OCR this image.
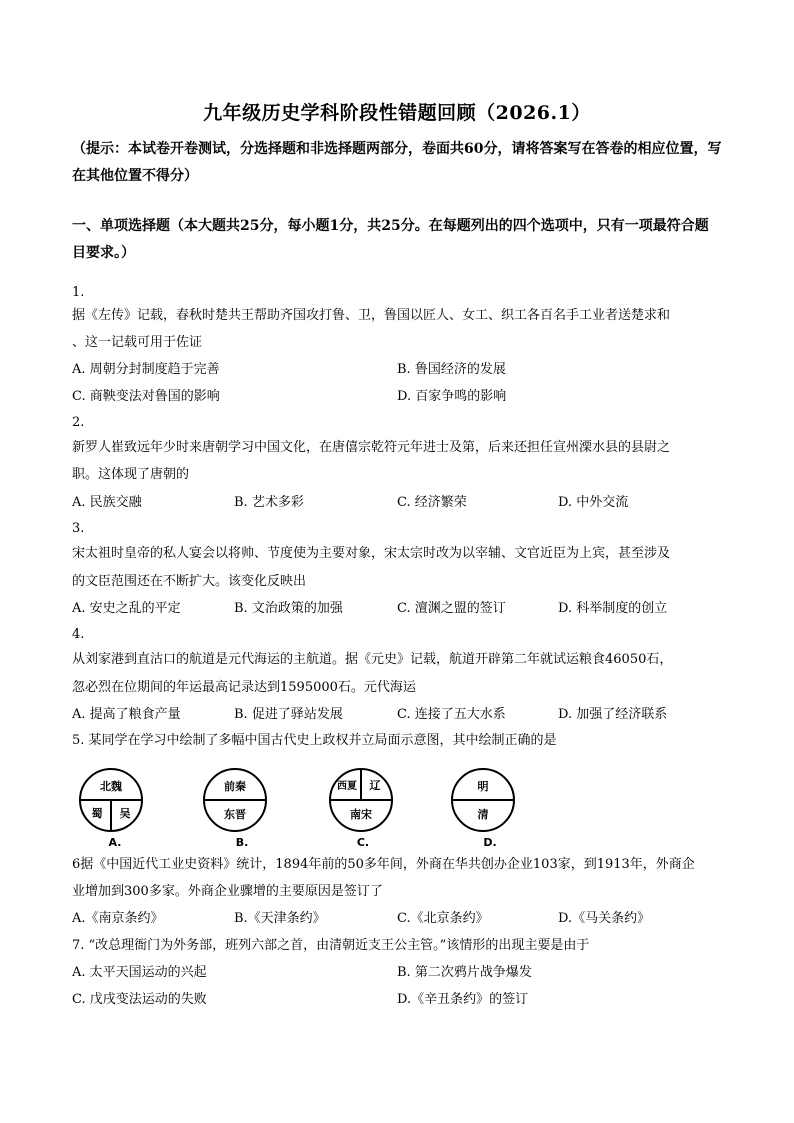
九年级历史学科阶段性错题回顾（2026.1）
（提示：本试卷开卷测试，分选择题和非选择题两部分，卷面共60分，请将答案写在答卷的相应位置，写在其他位置不得分）
一、单项选择题（本大题共25分，每小题1分，共25分。在每题列出的四个选项中，只有一项最符合题目要求。）
1.
据《左传》记载，春秋时楚共王帮助齐国攻打鲁、卫，鲁国以匠人、女工、织工各百名手工业者送楚求和
、这一记载可用于佐证
A. 周朝分封制度趋于完善	B. 鲁国经济的发展
C. 商鞅变法对鲁国的影响	D. 百家争鸣的影响
2.
新罗人崔致远年少时来唐朝学习中国文化，在唐僖宗乾符元年进士及第，后来还担任宣州溧水县的县尉之
职。这体现了唐朝的
A. 民族交融	B. 艺术多彩	C. 经济繁荣	D. 中外交流
3.
宋太祖时皇帝的私人宴会以将帅、节度使为主要对象，宋太宗时改为以宰辅、文官近臣为上宾，甚至涉及
的文臣范围还在不断扩大。该变化反映出
A. 安史之乱的平定	B. 文治政策的加强	C. 澶渊之盟的签订	D. 科举制度的创立
4.
从刘家港到直沽口的航道是元代海运的主航道。据《元史》记载，航道开辟第二年就试运粮食46050石，
忽必烈在位期间的年运最高记录达到1595000石。元代海运
A. 提高了粮食产量	B. 促进了驿站发展	C. 连接了五大水系	D. 加强了经济联系
5. 某同学在学习中绘制了多幅中国古代史上政权并立局面示意图，其中绘制正确的是
北魏
蜀 吴
A.
前秦
东晋
B.
西夏 辽
南宋
C.
明
清
D.
6据《中国近代工业史资料》统计，1894年前的50多年间，外商在华共创办企业103家，到1913年，外商企
业增加到300多家。外商企业骤增的主要原因是签订了
A.《南京条约》	B.《天津条约》	C.《北京条约》	D.《马关条约》
7. “改总理衙门为外务部，班列六部之首，由清朝近支王公主管。”该情形的出现主要是由于
A. 太平天国运动的兴起	B. 第二次鸦片战争爆发
C. 戊戌变法运动的失败	D.《辛丑条约》的签订
